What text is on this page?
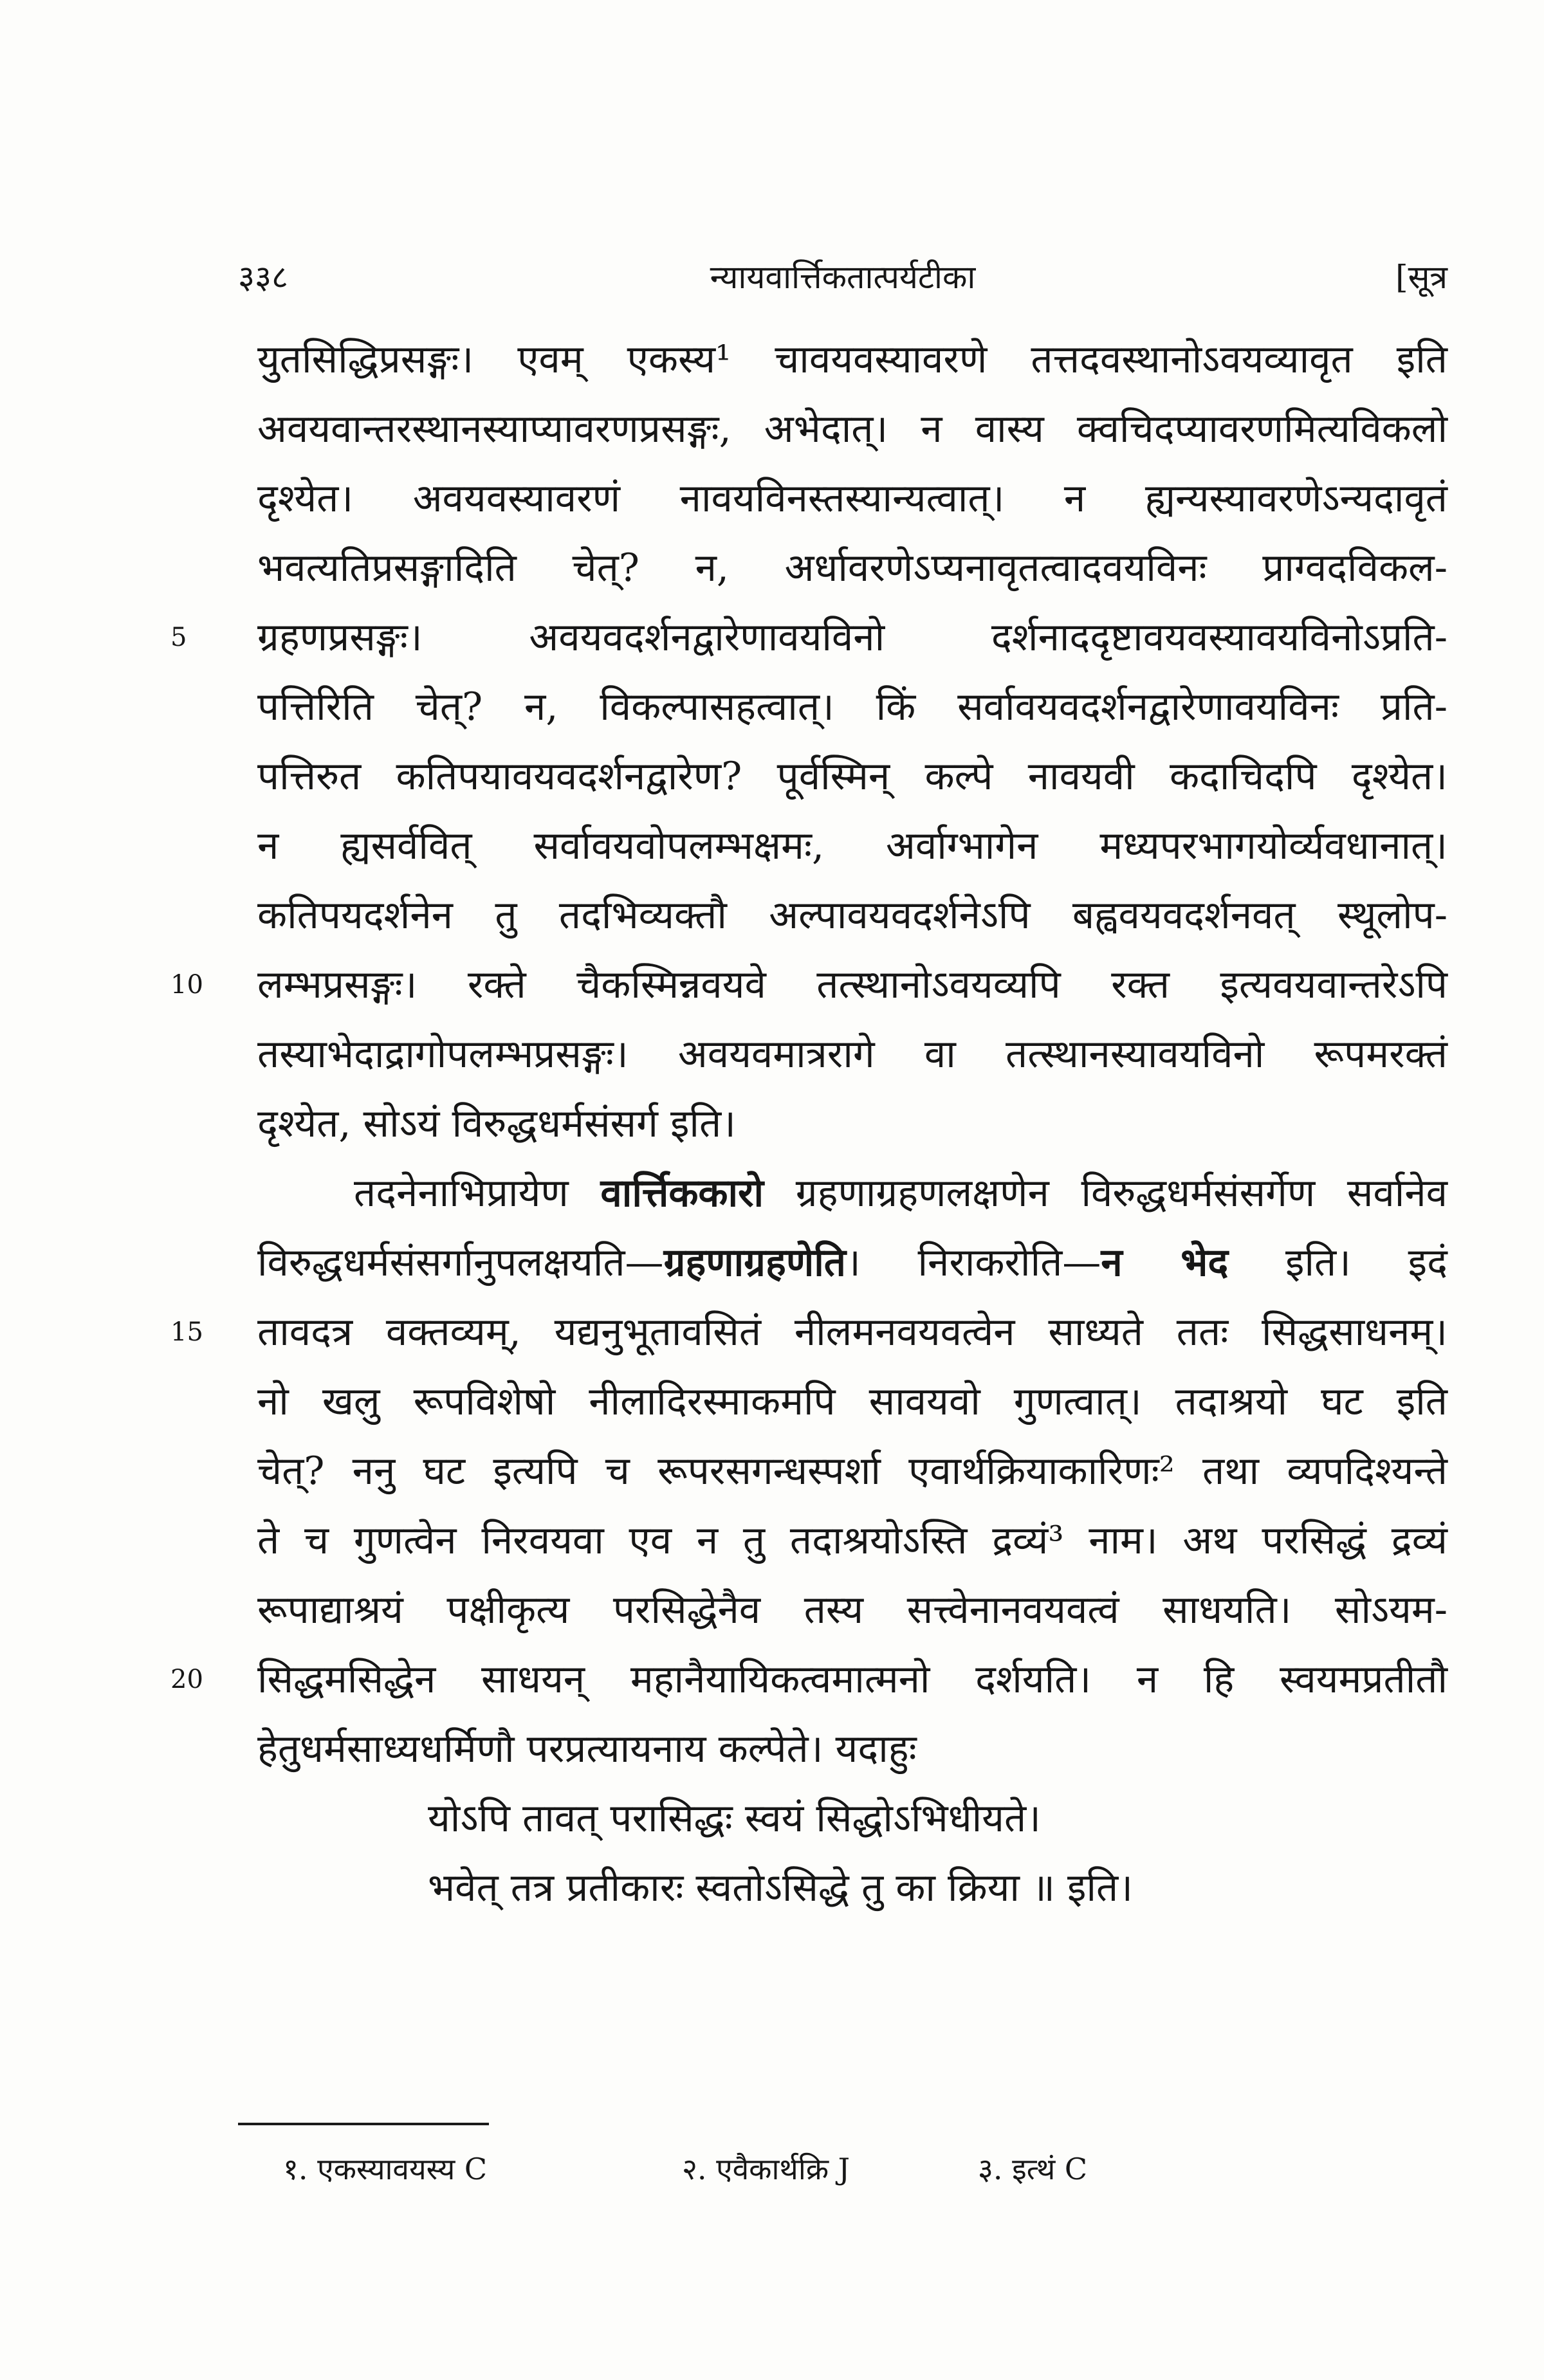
३३८	न्यायवार्त्तिकतात्पर्यटीका	[सूत्र
युतसिद्धिप्रसङ्गः। एवम् एकस्य¹ चावयवस्यावरणे तत्तदवस्थानोऽवयव्यावृत इति
अवयवान्तरस्थानस्याप्यावरणप्रसङ्गः, अभेदात्। न वास्य क्वचिदप्यावरणमित्यविकलो
दृश्येत। अवयवस्यावरणं नावयविनस्तस्यान्यत्वात्। न ह्यन्यस्यावरणेऽन्यदावृतं
भवत्यतिप्रसङ्गादिति चेत्? न, अर्धावरणेऽप्यनावृतत्वादवयविनः प्राग्वदविकल-
5 ग्रहणप्रसङ्गः। अवयवदर्शनद्वारेणावयविनो दर्शनाददृष्टावयवस्यावयविनोऽप्रति-
पत्तिरिति चेत्? न, विकल्पासहत्वात्। किं सर्वावयवदर्शनद्वारेणावयविनः प्रति-
पत्तिरुत कतिपयावयवदर्शनद्वारेण? पूर्वस्मिन् कल्पे नावयवी कदाचिदपि दृश्येत।
न ह्यसर्ववित् सर्वावयवोपलम्भक्षमः, अर्वाग्भागेन मध्यपरभागयोर्व्यवधानात्।
कतिपयदर्शनेन तु तदभिव्यक्तौ अल्पावयवदर्शनेऽपि बह्ववयवदर्शनवत् स्थूलोप-
10 लम्भप्रसङ्गः। रक्ते चैकस्मिन्नवयवे तत्स्थानोऽवयव्यपि रक्त इत्यवयवान्तरेऽपि
तस्याभेदाद्रागोपलम्भप्रसङ्गः। अवयवमात्ररागे वा तत्स्थानस्यावयविनो रूपमरक्तं
दृश्येत, सोऽयं विरुद्धधर्मसंसर्ग इति।
तदनेनाभिप्रायेण वार्त्तिककारो ग्रहणाग्रहणलक्षणेन विरुद्धधर्मसंसर्गेण सर्वानेव
विरुद्धधर्मसंसर्गानुपलक्षयति—ग्रहणाग्रहणेति। निराकरोति—न भेद इति। इदं
15 तावदत्र वक्तव्यम्, यद्यनुभूतावसितं नीलमनवयवत्वेन साध्यते ततः सिद्धसाधनम्।
नो खलु रूपविशेषो नीलादिरस्माकमपि सावयवो गुणत्वात्। तदाश्रयो घट इति
चेत्? ननु घट इत्यपि च रूपरसगन्धस्पर्शा एवार्थक्रियाकारिणः² तथा व्यपदिश्यन्ते
ते च गुणत्वेन निरवयवा एव न तु तदाश्रयोऽस्ति द्रव्यं³ नाम। अथ परसिद्धं द्रव्यं
रूपाद्याश्रयं पक्षीकृत्य परसिद्धेनैव तस्य सत्त्वेनानवयवत्वं साधयति। सोऽयम-
20 सिद्धमसिद्धेन साधयन् महानैयायिकत्वमात्मनो दर्शयति। न हि स्वयमप्रतीतौ
हेतुधर्मसाध्यधर्मिणौ परप्रत्यायनाय कल्पेते। यदाहुः
योऽपि तावत् परासिद्धः स्वयं सिद्धोऽभिधीयते।
भवेत् तत्र प्रतीकारः स्वतोऽसिद्धे तु का क्रिया ॥ इति।
१. एकस्यावयस्य C	२. एवैकार्थक्रि J	३. इत्थं C
